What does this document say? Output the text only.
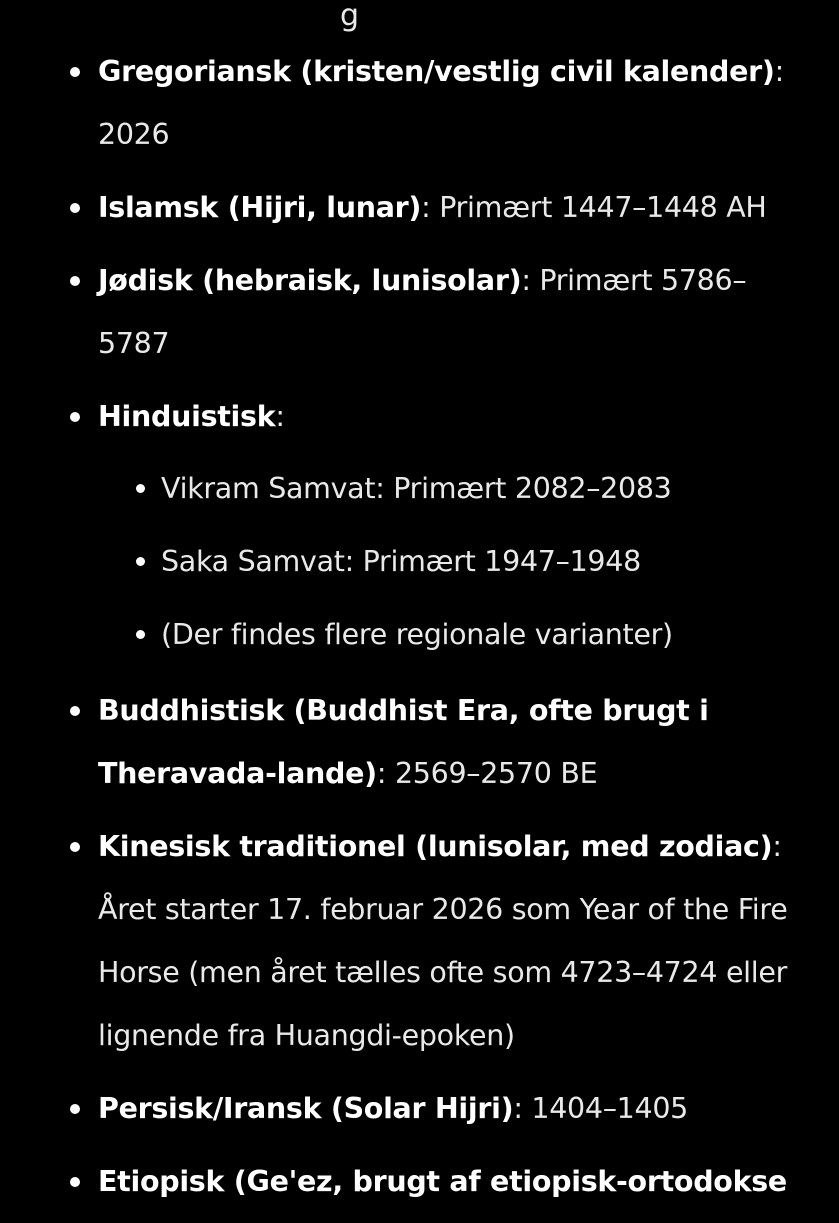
g
Gregoriansk (kristen/vestlig civil kalender): 2026
Islamsk (Hijri, lunar): Primært 1447–1448 AH
Jødisk (hebraisk, lunisolar): Primært 5786–5787
Hinduistisk:
Vikram Samvat: Primært 2082–2083
Saka Samvat: Primært 1947–1948
(Der findes flere regionale varianter)
Buddhistisk (Buddhist Era, ofte brugt i Theravada-lande): 2569–2570 BE
Kinesisk traditionel (lunisolar, med zodiac): Året starter 17. februar 2026 som Year of the Fire Horse (men året tælles ofte som 4723–4724 eller lignende fra Huangdi-epoken)
Persisk/Iransk (Solar Hijri): 1404–1405
Etiopisk (Ge'ez, brugt af etiopisk-ortodokse
